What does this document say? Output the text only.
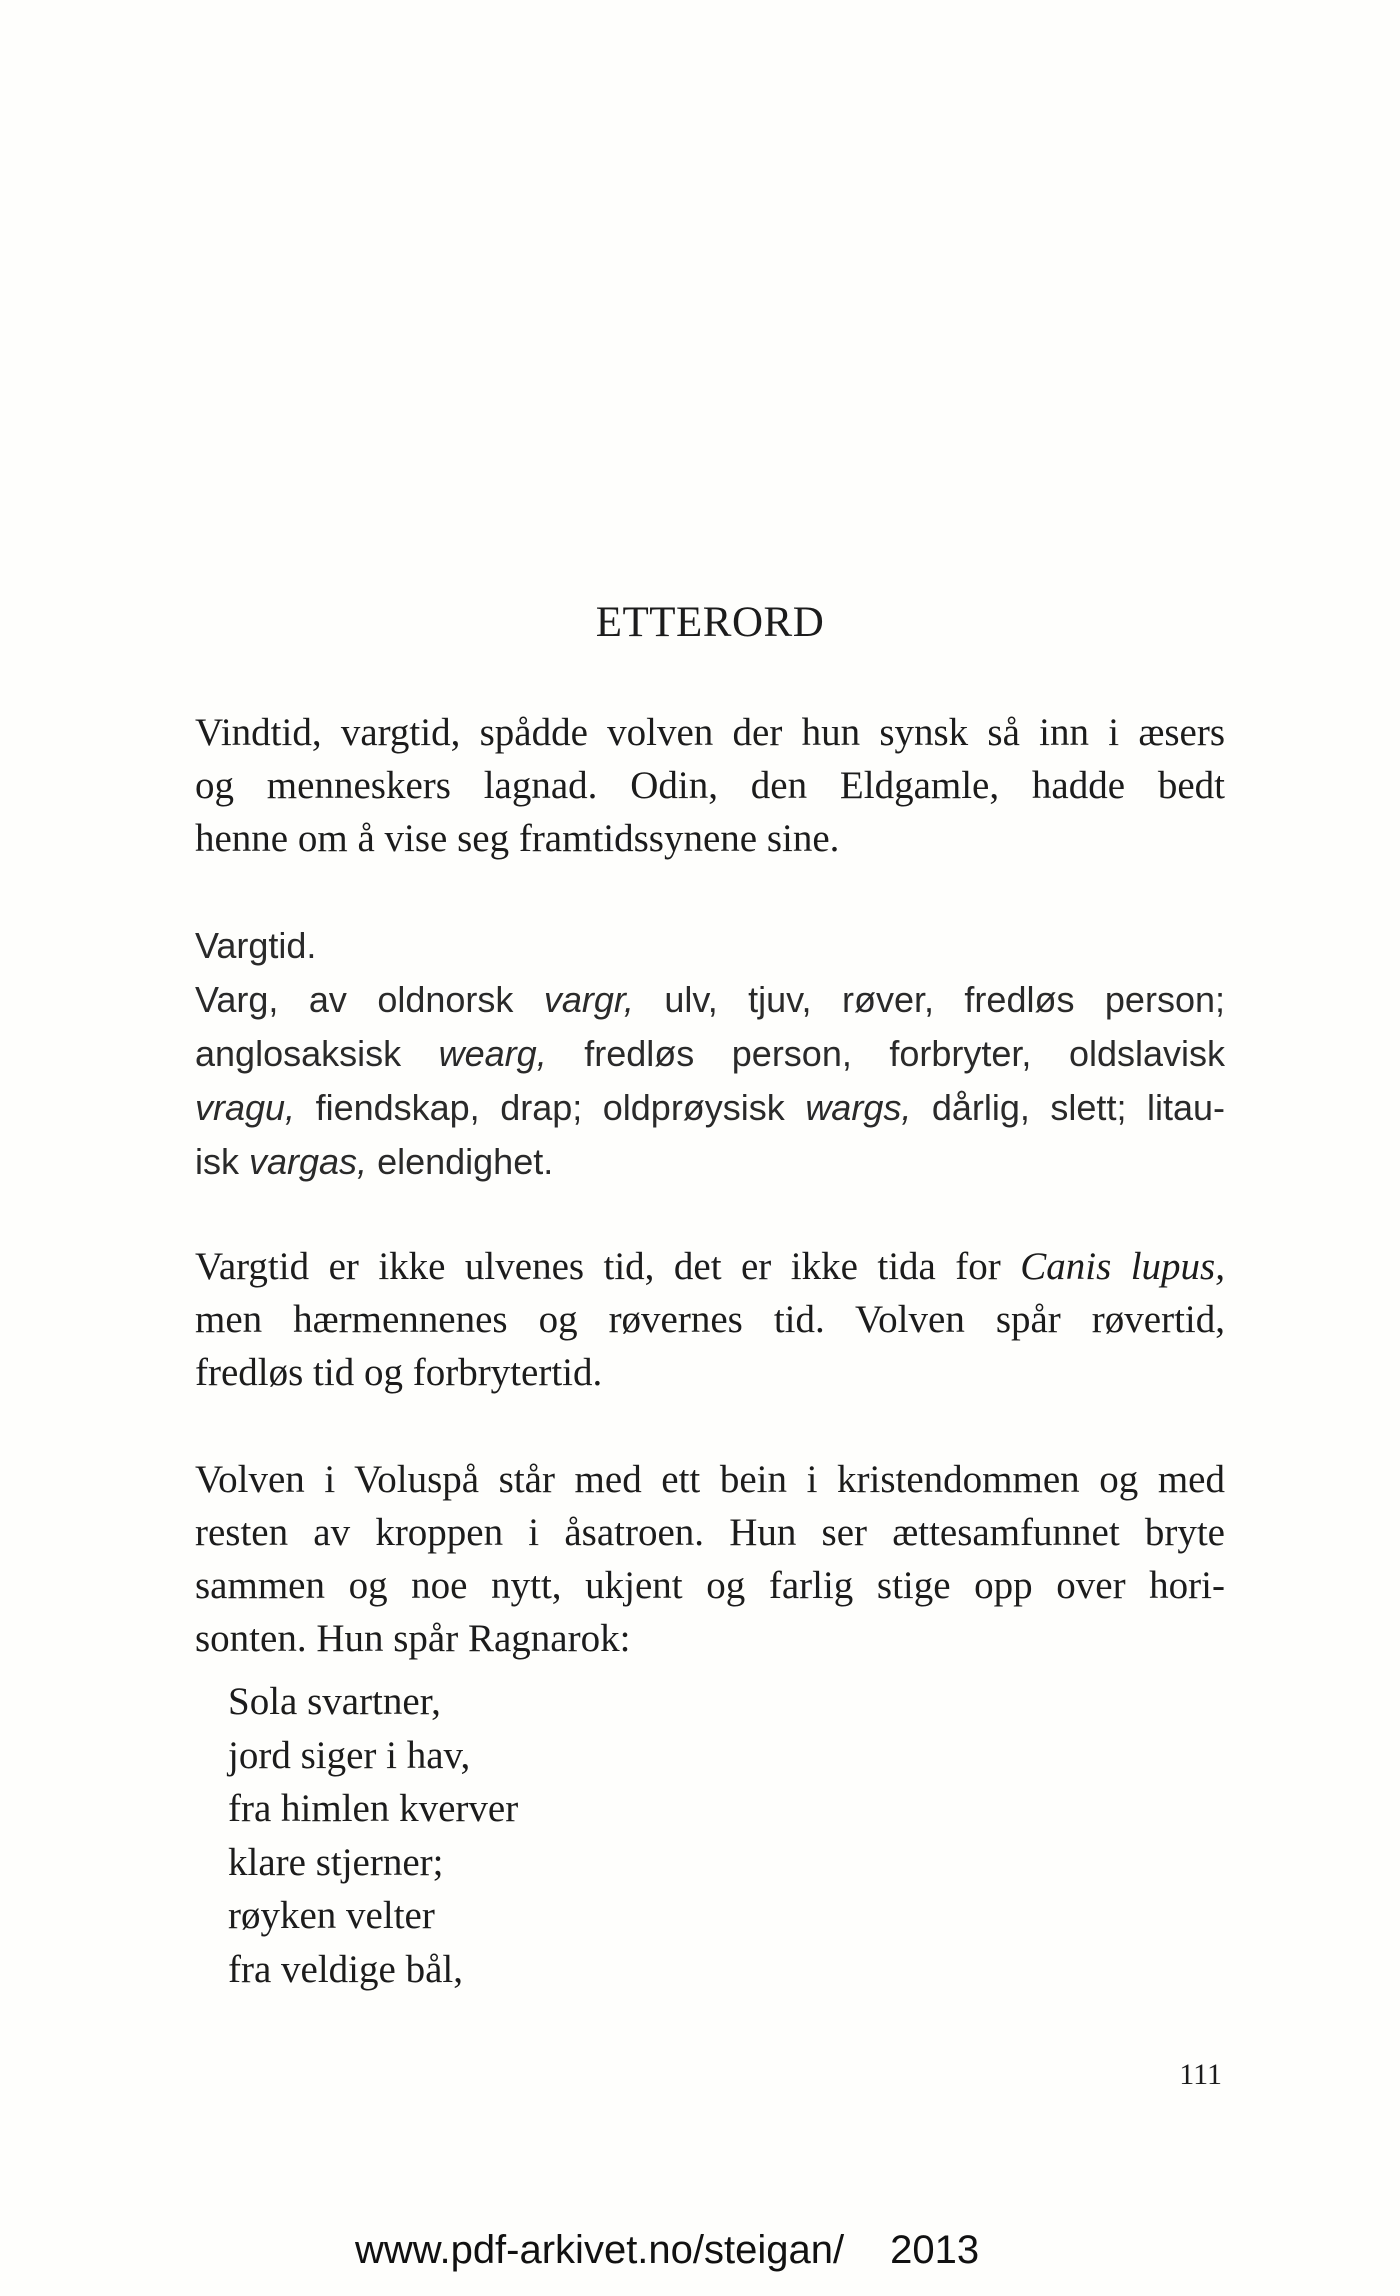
ETTERORD

Vindtid, vargtid, spådde volven der hun synsk så inn i æsers
og menneskers lagnad. Odin, den Eldgamle, hadde bedt
henne om å vise seg framtidssynene sine.

Vargtid.
Varg, av oldnorsk vargr, ulv, tjuv, røver, fredløs person;
anglosaksisk wearg, fredløs person, forbryter, oldslavisk
vragu, fiendskap, drap; oldprøysisk wargs, dårlig, slett; litau-
isk vargas, elendighet.

Vargtid er ikke ulvenes tid, det er ikke tida for Canis lupus,
men hærmennenes og røvernes tid. Volven spår røvertid,
fredløs tid og forbrytertid.

Volven i Voluspå står med ett bein i kristendommen og med
resten av kroppen i åsatroen. Hun ser ættesamfunnet bryte
sammen og noe nytt, ukjent og farlig stige opp over hori-
sonten. Hun spår Ragnarok:

Sola svartner,
jord siger i hav,
fra himlen kverver
klare stjerner;
røyken velter
fra veldige bål,

111
www.pdf-arkivet.no/steigan/ 2013
